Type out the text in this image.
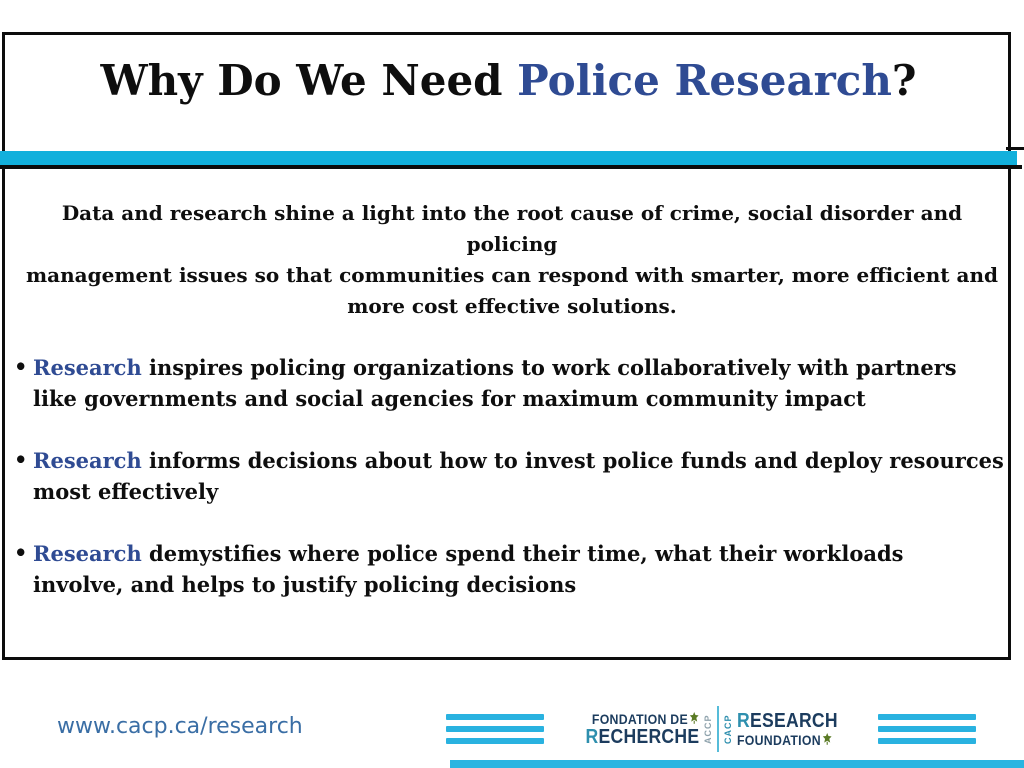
Why Do We Need Police Research?
Data and research shine a light into the root cause of crime, social disorder and policing
management issues so that communities can respond with smarter, more efficient and
more cost effective solutions.
• Research inspires policing organizations to work collaboratively with partners
like governments and social agencies for maximum community impact
• Research informs decisions about how to invest police funds and deploy resources
most effectively
• Research demystifies where police spend their time, what their workloads
involve, and helps to justify policing decisions
www.cacp.ca/research	FONDATION DE
RECHERCHE ACCP CACP RESEARCH
FOUNDATION
